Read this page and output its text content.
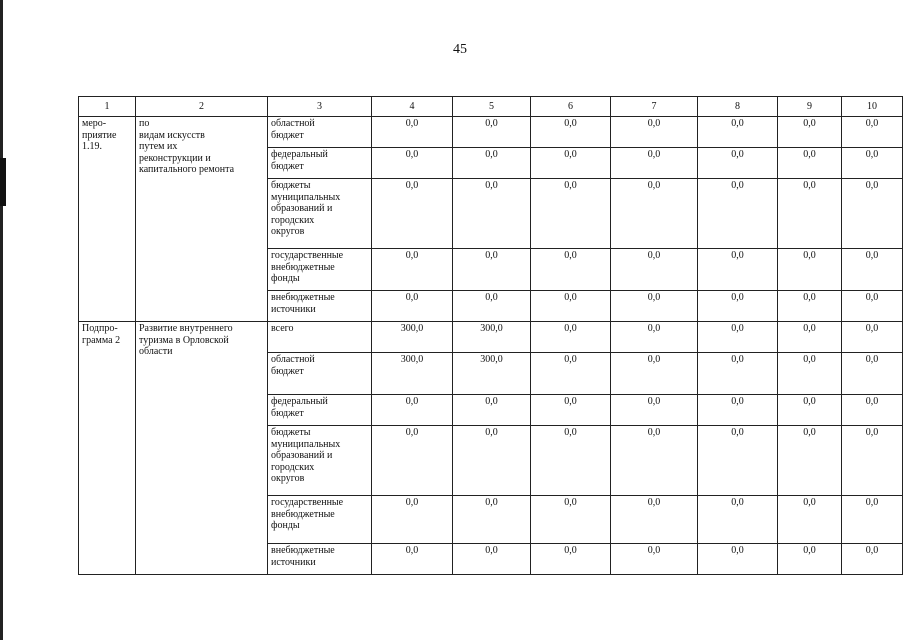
45
1	2	3	4	5	6	7	8	9	10
меро-
приятие
1.19.	по
видам искусств
путем их
реконструкции и
капитального ремонта	областной
бюджет	0,0	0,0	0,0	0,0	0,0	0,0	0,0
		федеральный
бюджет	0,0	0,0	0,0	0,0	0,0	0,0	0,0
		бюджеты
муниципальных
образований и
городских
округов	0,0	0,0	0,0	0,0	0,0	0,0	0,0
		государственные
внебюджетные
фонды	0,0	0,0	0,0	0,0	0,0	0,0	0,0
		внебюджетные
источники	0,0	0,0	0,0	0,0	0,0	0,0	0,0
Подпро-
грамма 2	Развитие внутреннего
туризма в Орловской
области	всего	300,0	300,0	0,0	0,0	0,0	0,0	0,0
		областной
бюджет	300,0	300,0	0,0	0,0	0,0	0,0	0,0
		федеральный
бюджет	0,0	0,0	0,0	0,0	0,0	0,0	0,0
		бюджеты
муниципальных
образований и
городских
округов	0,0	0,0	0,0	0,0	0,0	0,0	0,0
		государственные
внебюджетные
фонды	0,0	0,0	0,0	0,0	0,0	0,0	0,0
		внебюджетные
источники	0,0	0,0	0,0	0,0	0,0	0,0	0,0
